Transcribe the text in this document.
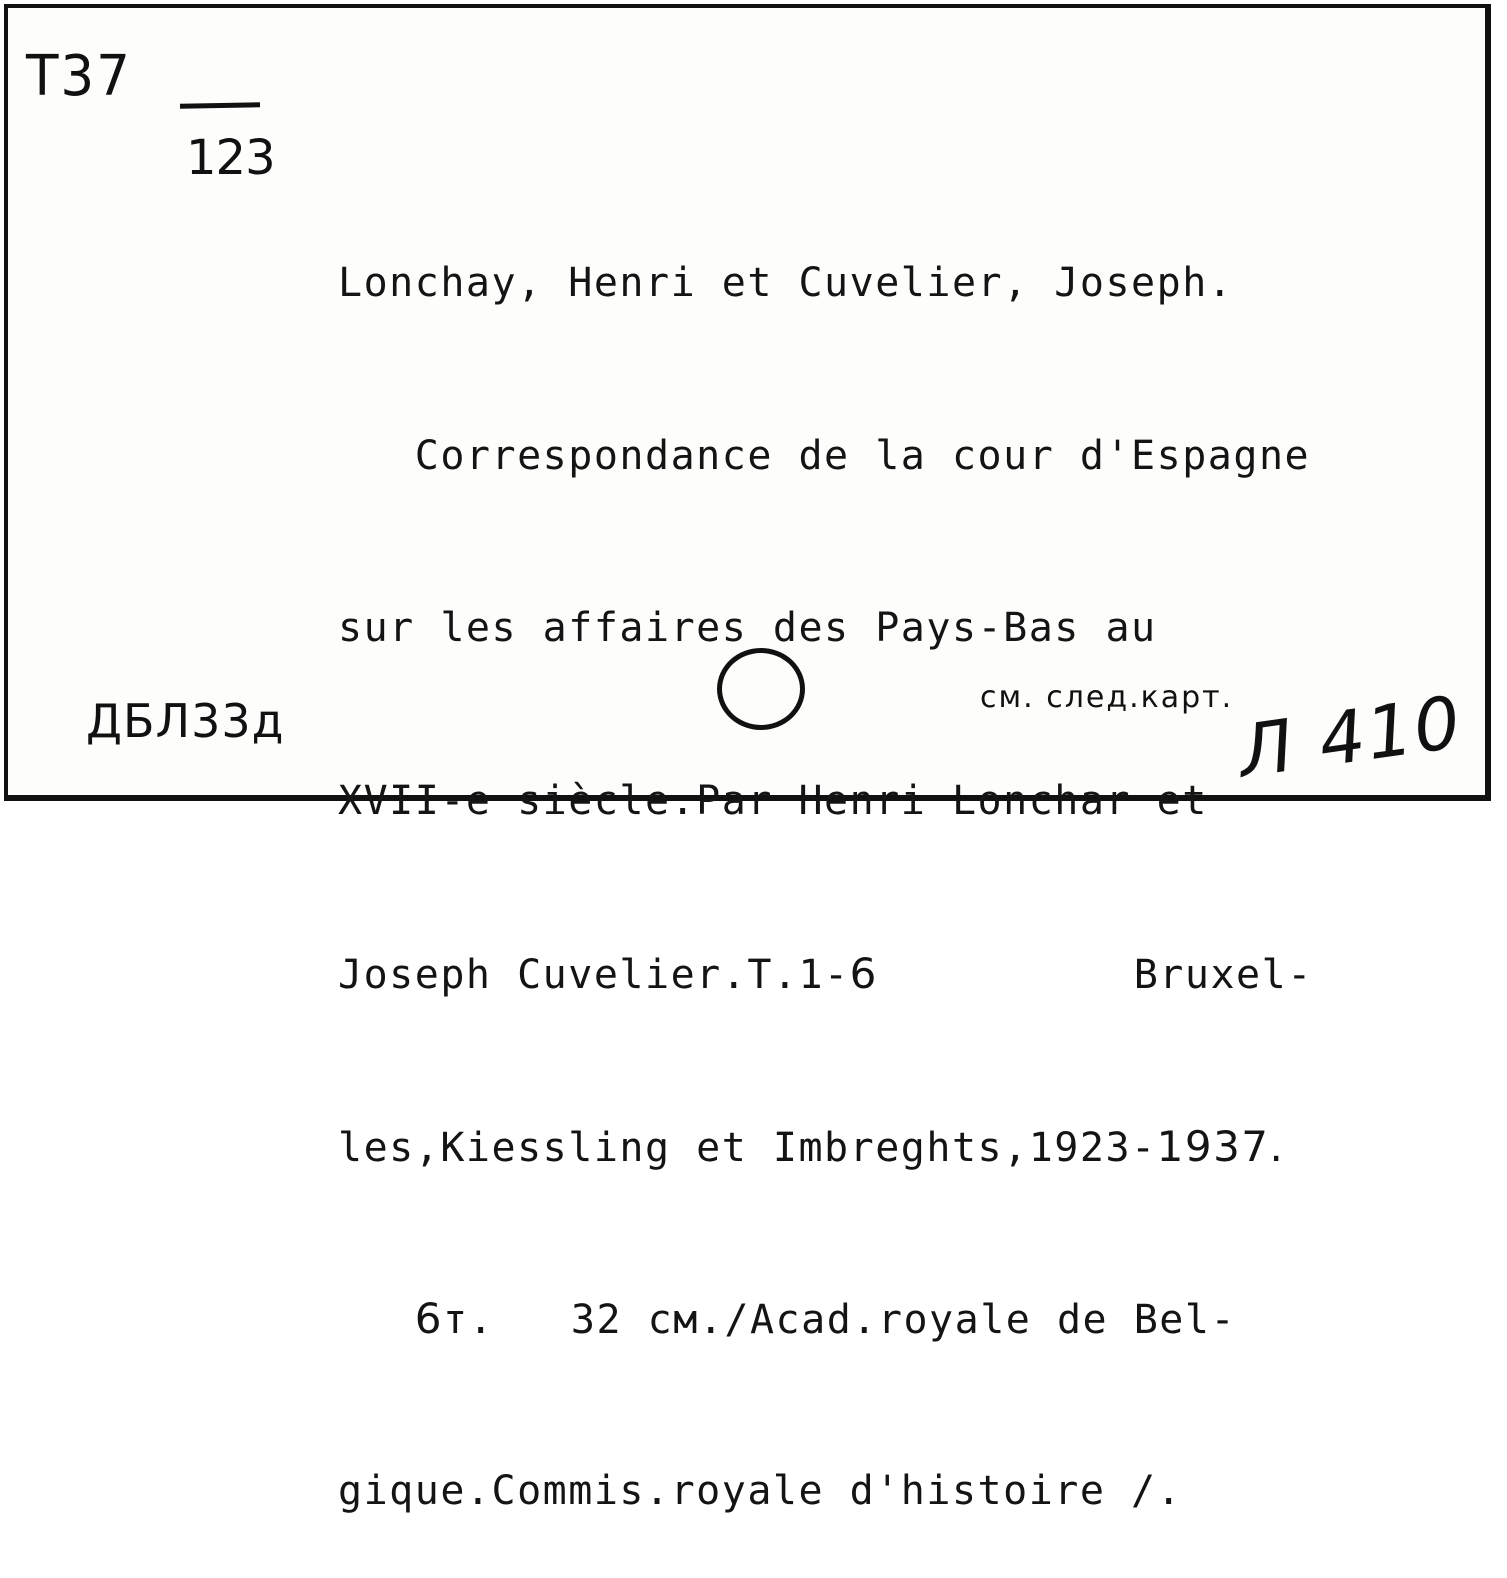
T37
123

Lonchay, Henri et Cuvelier, Joseph.

Correspondance de la cour d'Espagne

sur les affaires des Pays-Bas au

XVII-e siècle.Par Henri Lonchar et

Joseph Cuvelier.T.1-6	Bruxel-

les,Kiessling et Imbreghts,1923-1937.

6т.   32 см./Acad.royale de Bel-

gique.Commis.royale d'histoire /.

ДБЛ33д	см. след.карт. Л 410
